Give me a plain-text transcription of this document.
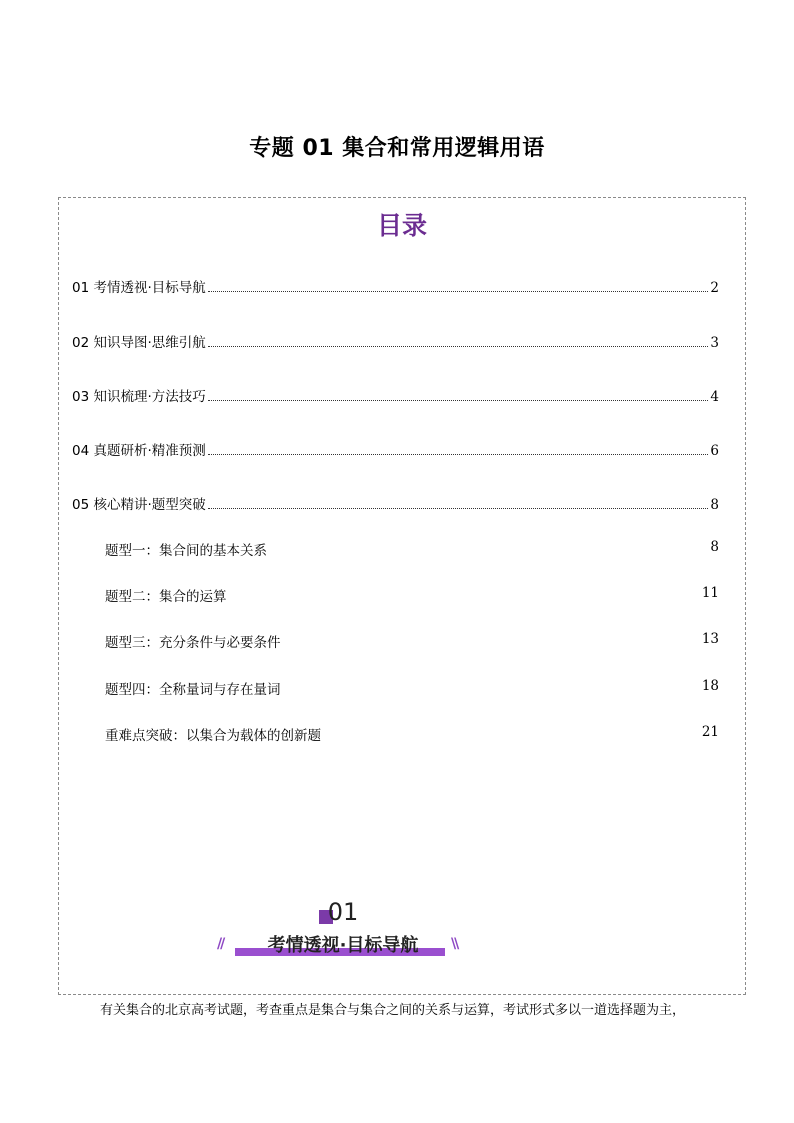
专题 01 集合和常用逻辑用语
目录
01 考情透视·目标导航	2
02 知识导图·思维引航	3
03 知识梳理·方法技巧	4
04 真题研析·精准预测	6
05 核心精讲·题型突破	8
题型一：集合间的基本关系	8
题型二：集合的运算	11
题型三：充分条件与必要条件	13
题型四：全称量词与存在量词	18
重难点突破：以集合为载体的创新题	21
01
考情透视·目标导航
//	\\
有关集合的北京高考试题，考查重点是集合与集合之间的关系与运算，考试形式多以一道选择题为主，
